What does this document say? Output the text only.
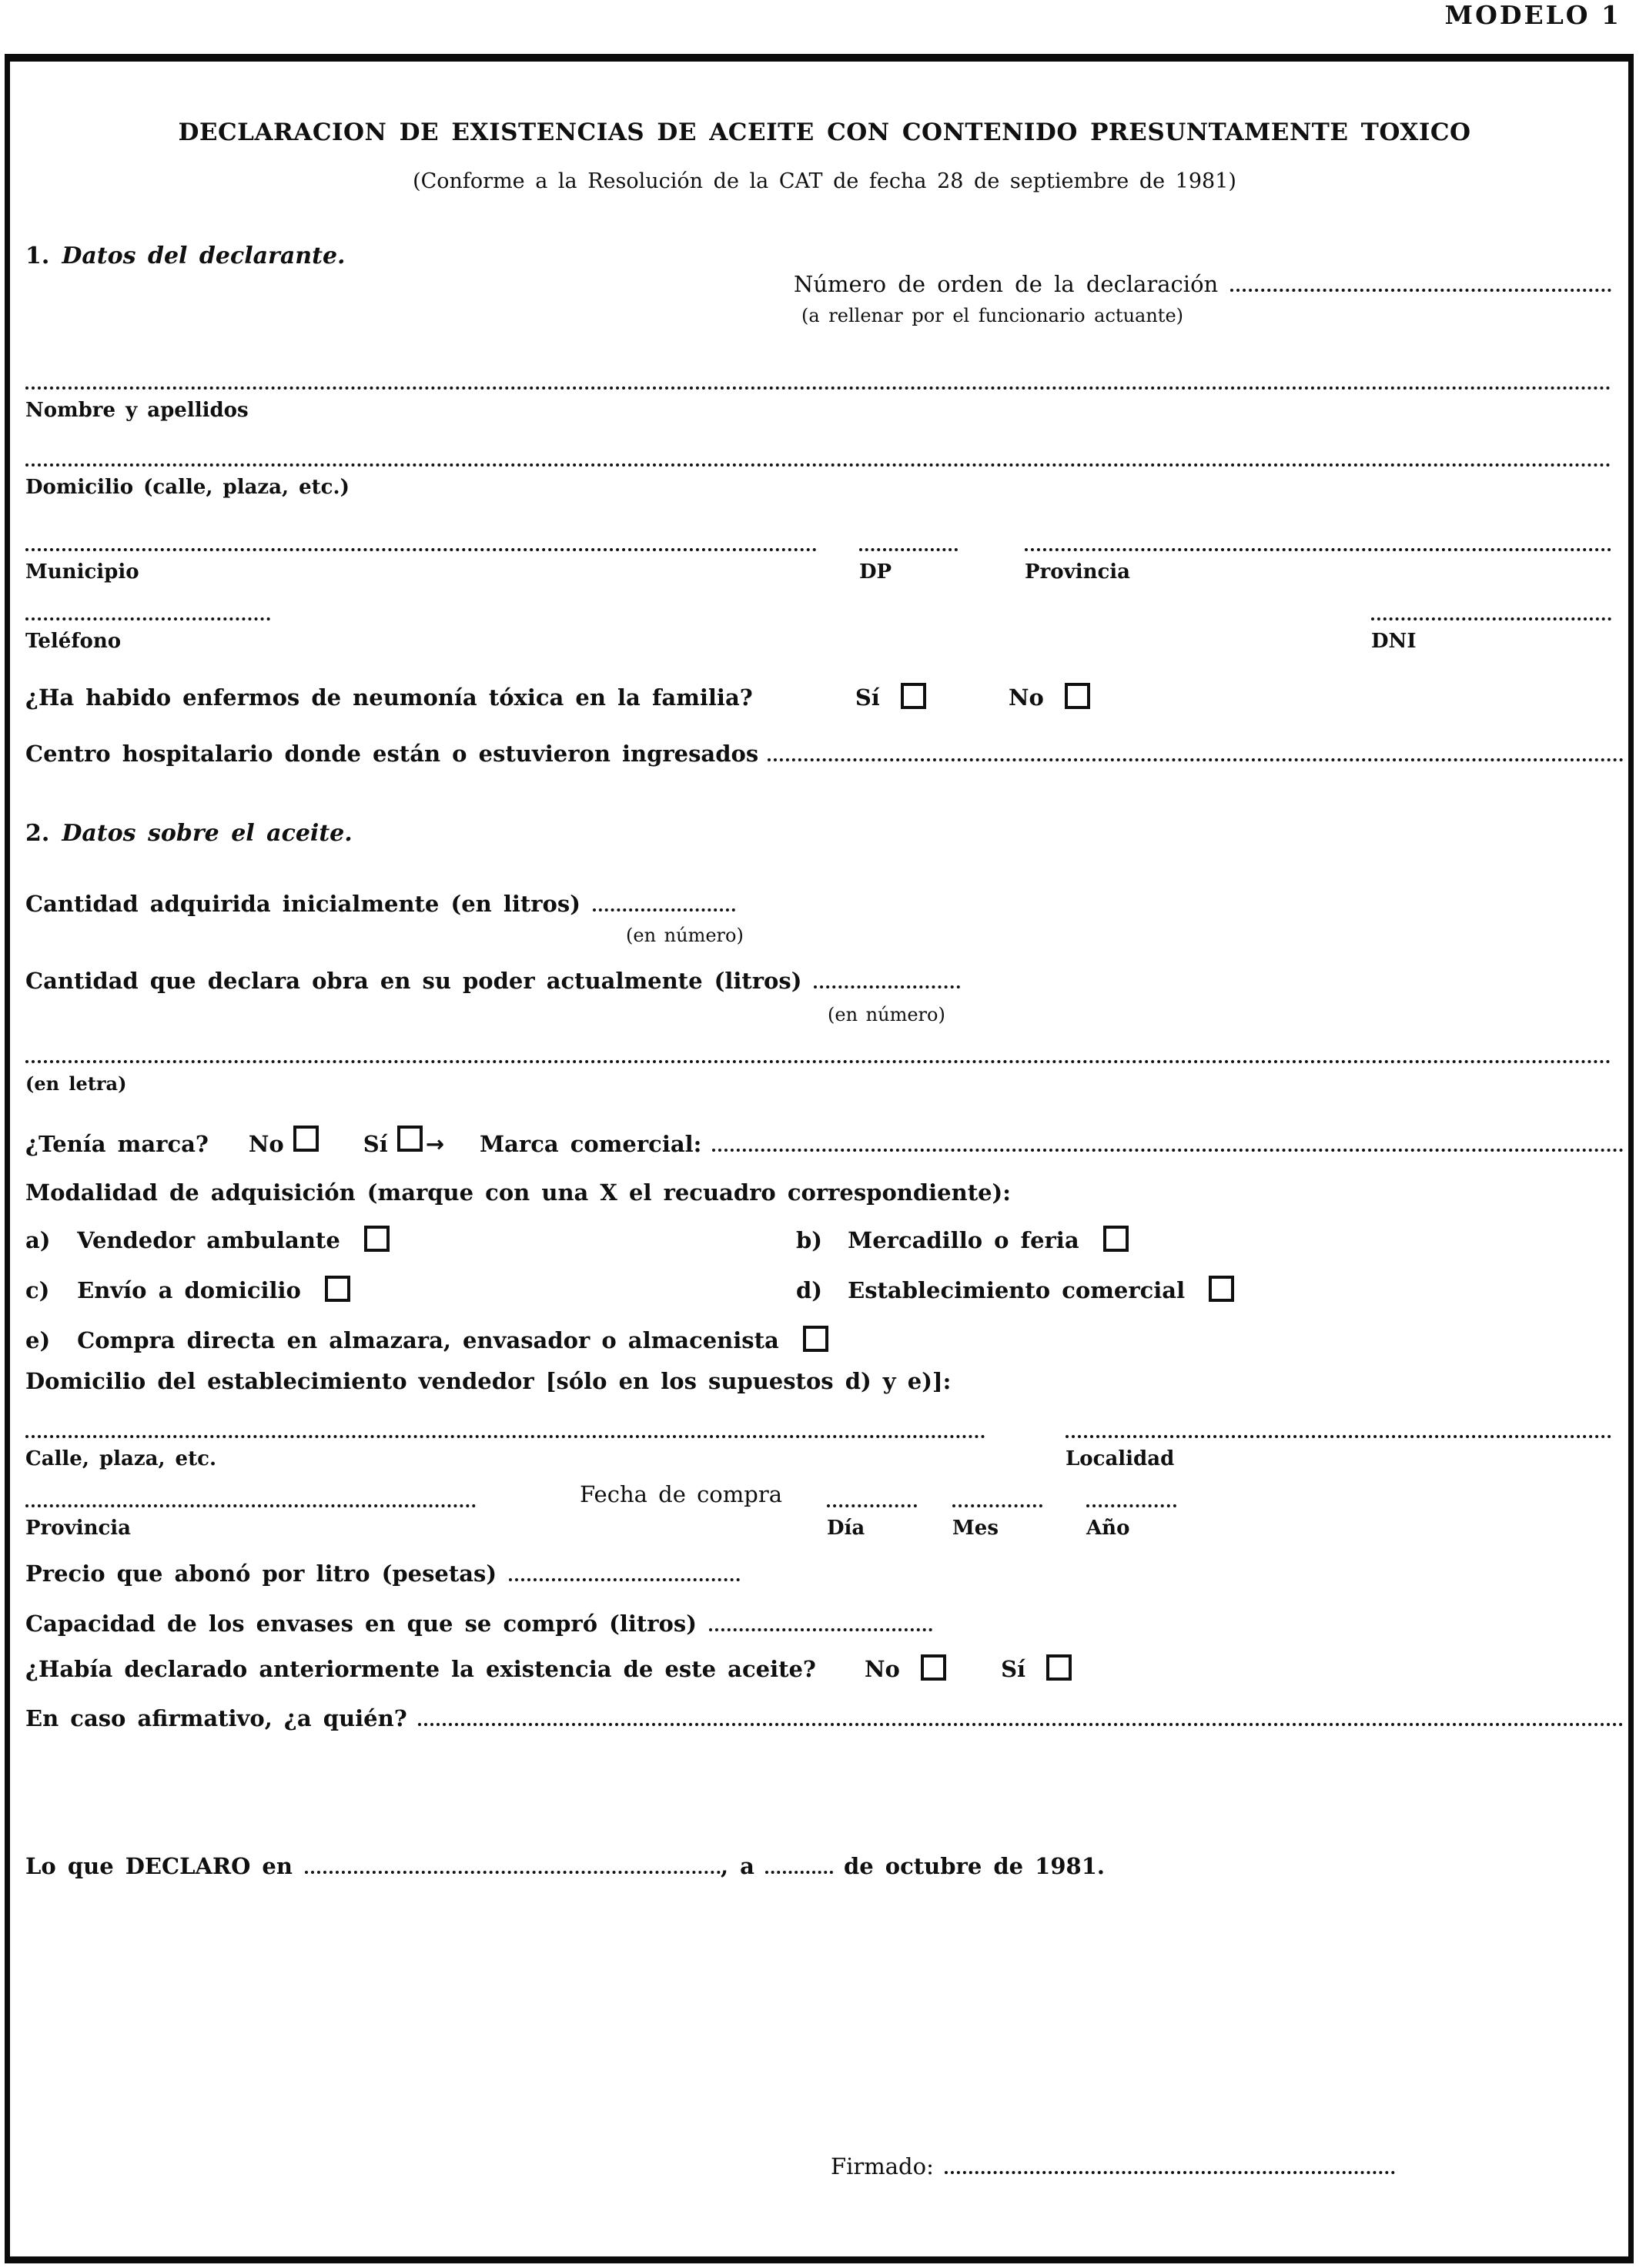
MODELO 1
DECLARACION DE EXISTENCIAS DE ACEITE CON CONTENIDO PRESUNTAMENTE TOXICO
(Conforme a la Resolución de la CAT de fecha 28 de septiembre de 1981)
1. Datos del declarante.
Número de orden de la declaración
(a rellenar por el funcionario actuante)
Nombre y apellidos
Domicilio (calle, plaza, etc.)
Municipio	DP	Provincia
Teléfono	DNI
¿Ha habido enfermos de neumonía tóxica en la familia?	Sí	No
Centro hospitalario donde están o estuvieron ingresados
2. Datos sobre el aceite.
Cantidad adquirida inicialmente (en litros)
(en número)
Cantidad que declara obra en su poder actualmente (litros)
(en número)
(en letra)
¿Tenía marca? No	Sí → Marca comercial:
Modalidad de adquisición (marque con una X el recuadro correspondiente):
a) Vendedor ambulante	b) Mercadillo o feria
c) Envío a domicilio	d) Establecimiento comercial
e) Compra directa en almazara, envasador o almacenista
Domicilio del establecimiento vendedor [sólo en los supuestos d) y e)]:
Calle, plaza, etc.	Localidad
Provincia
Fecha de compra
Día	Mes	Año
Precio que abonó por litro (pesetas)
Capacidad de los envases en que se compró (litros)
¿Había declarado anteriormente la existencia de este aceite? No	Sí
En caso afirmativo, ¿a quién?
Lo que DECLARO en	, a	de octubre de 1981.
Firmado:
